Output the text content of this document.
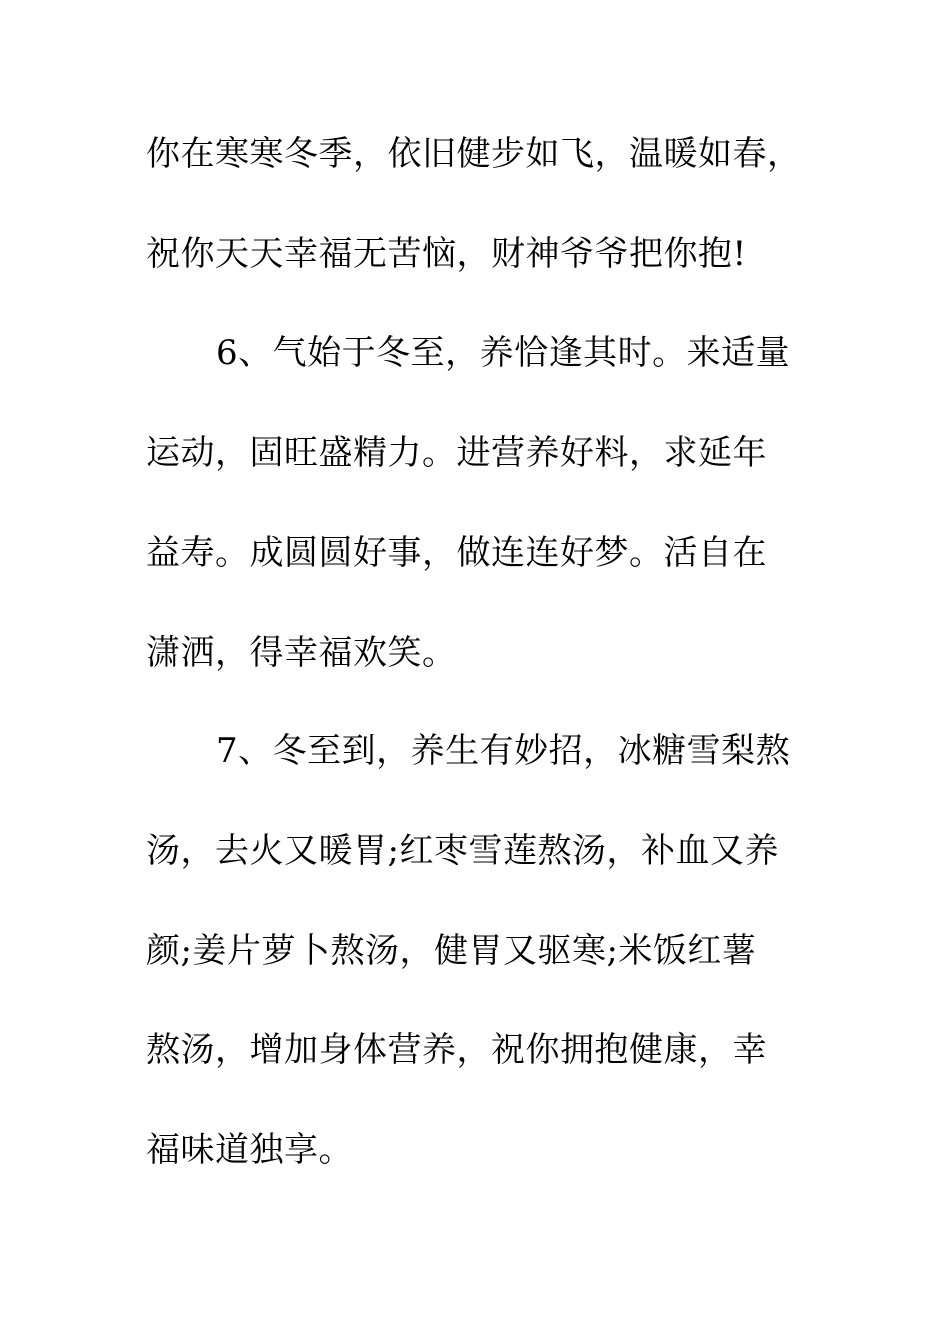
你在寒寒冬季，依旧健步如飞，温暖如春，
祝你天天幸福无苦恼，财神爷爷把你抱!
6、气始于冬至，养恰逢其时。来适量
运动，固旺盛精力。进营养好料，求延年
益寿。成圆圆好事，做连连好梦。活自在
潇洒，得幸福欢笑。
7、冬至到，养生有妙招，冰糖雪梨熬
汤，去火又暖胃;红枣雪莲熬汤，补血又养
颜;姜片萝卜熬汤，健胃又驱寒;米饭红薯
熬汤，增加身体营养，祝你拥抱健康，幸
福味道独享。
